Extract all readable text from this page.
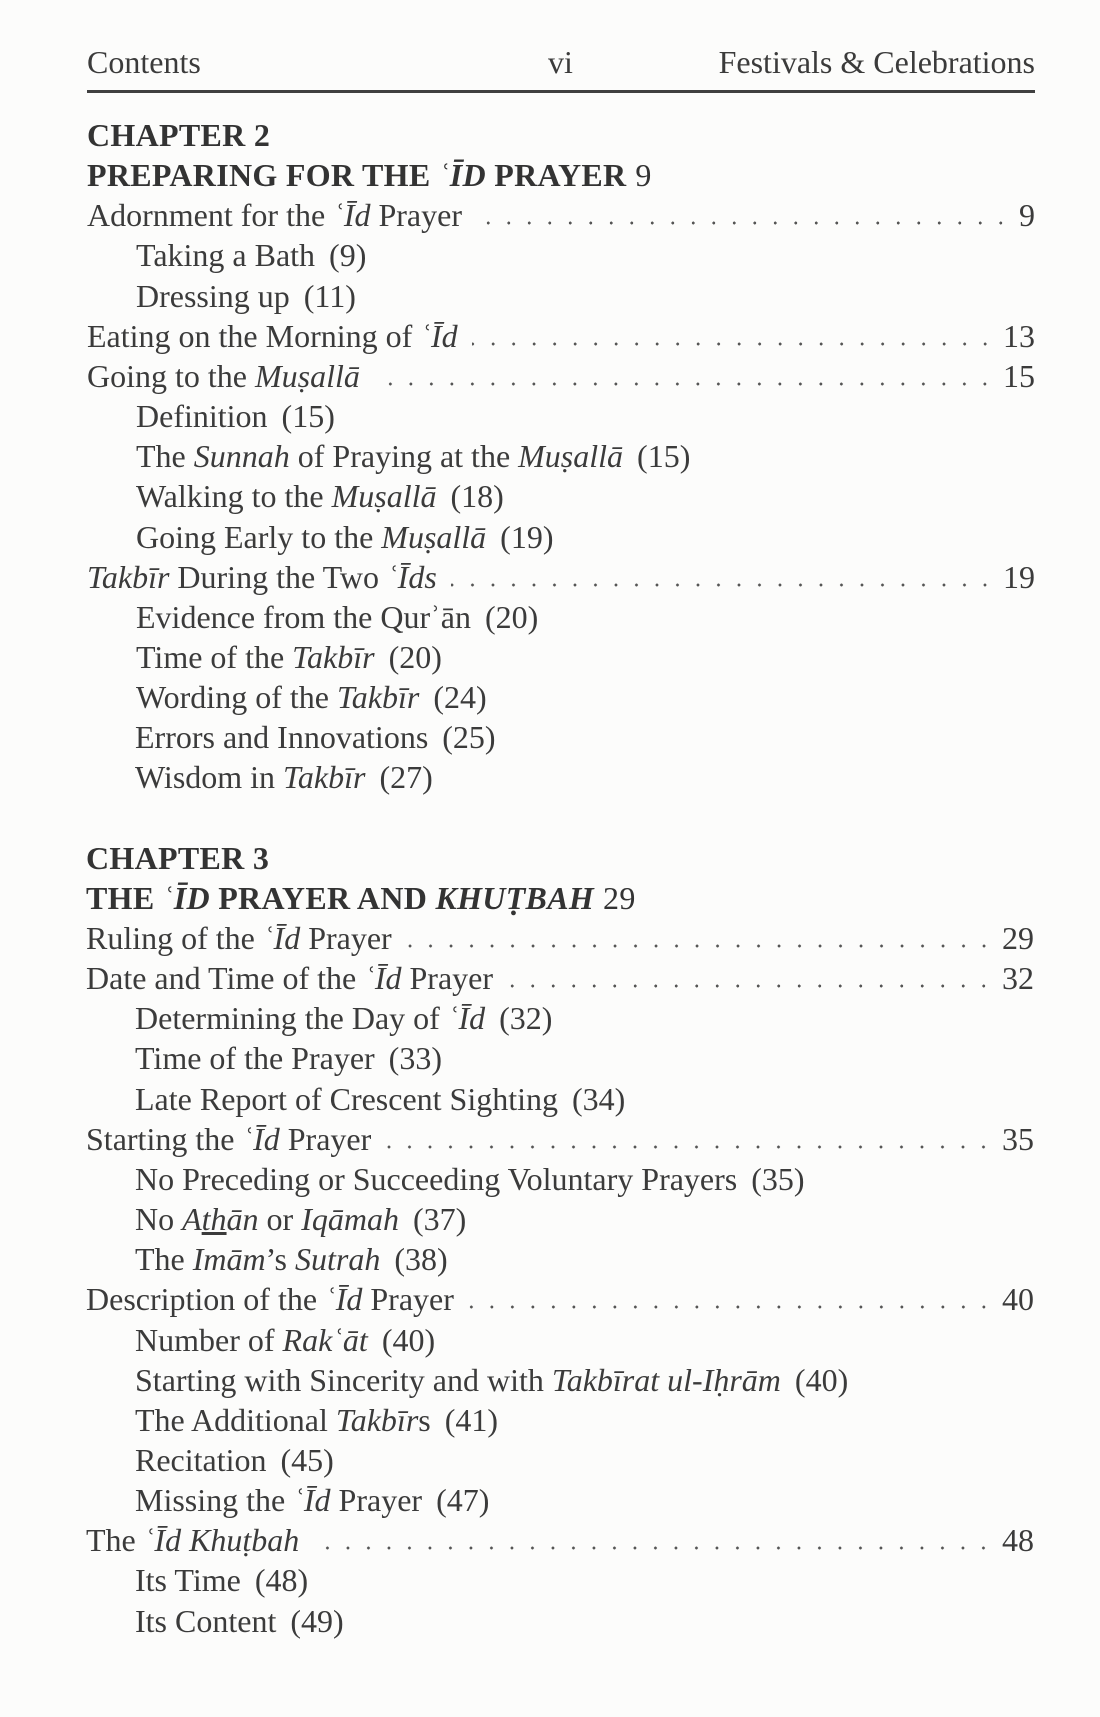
Contents	vi	Festivals & Celebrations
CHAPTER 2
PREPARING FOR THE ʿĪD PRAYER 9
Adornment for the ʿĪd Prayer	9
Taking a Bath (9)
Dressing up (11)
Eating on the Morning of ʿĪd	13
Going to the Muṣallā	15
Definition (15)
The Sunnah of Praying at the Muṣallā (15)
Walking to the Muṣallā (18)
Going Early to the Muṣallā (19)
Takbīr During the Two ʿĪds	19
Evidence from the Qurʾān (20)
Time of the Takbīr (20)
Wording of the Takbīr (24)
Errors and Innovations (25)
Wisdom in Takbīr (27)
CHAPTER 3
THE ʿĪD PRAYER AND KHUṬBAH 29
Ruling of the ʿĪd Prayer	29
Date and Time of the ʿĪd Prayer	32
Determining the Day of ʿĪd (32)
Time of the Prayer (33)
Late Report of Crescent Sighting (34)
Starting the ʿĪd Prayer	35
No Preceding or Succeeding Voluntary Prayers (35)
No Athān or Iqāmah (37)
The Imām’s Sutrah (38)
Description of the ʿĪd Prayer	40
Number of Rakʿāt (40)
Starting with Sincerity and with Takbīrat ul-Iḥrām (40)
The Additional Takbīrs (41)
Recitation (45)
Missing the ʿĪd Prayer (47)
The ʿĪd Khuṭbah	48
Its Time (48)
Its Content (49)
